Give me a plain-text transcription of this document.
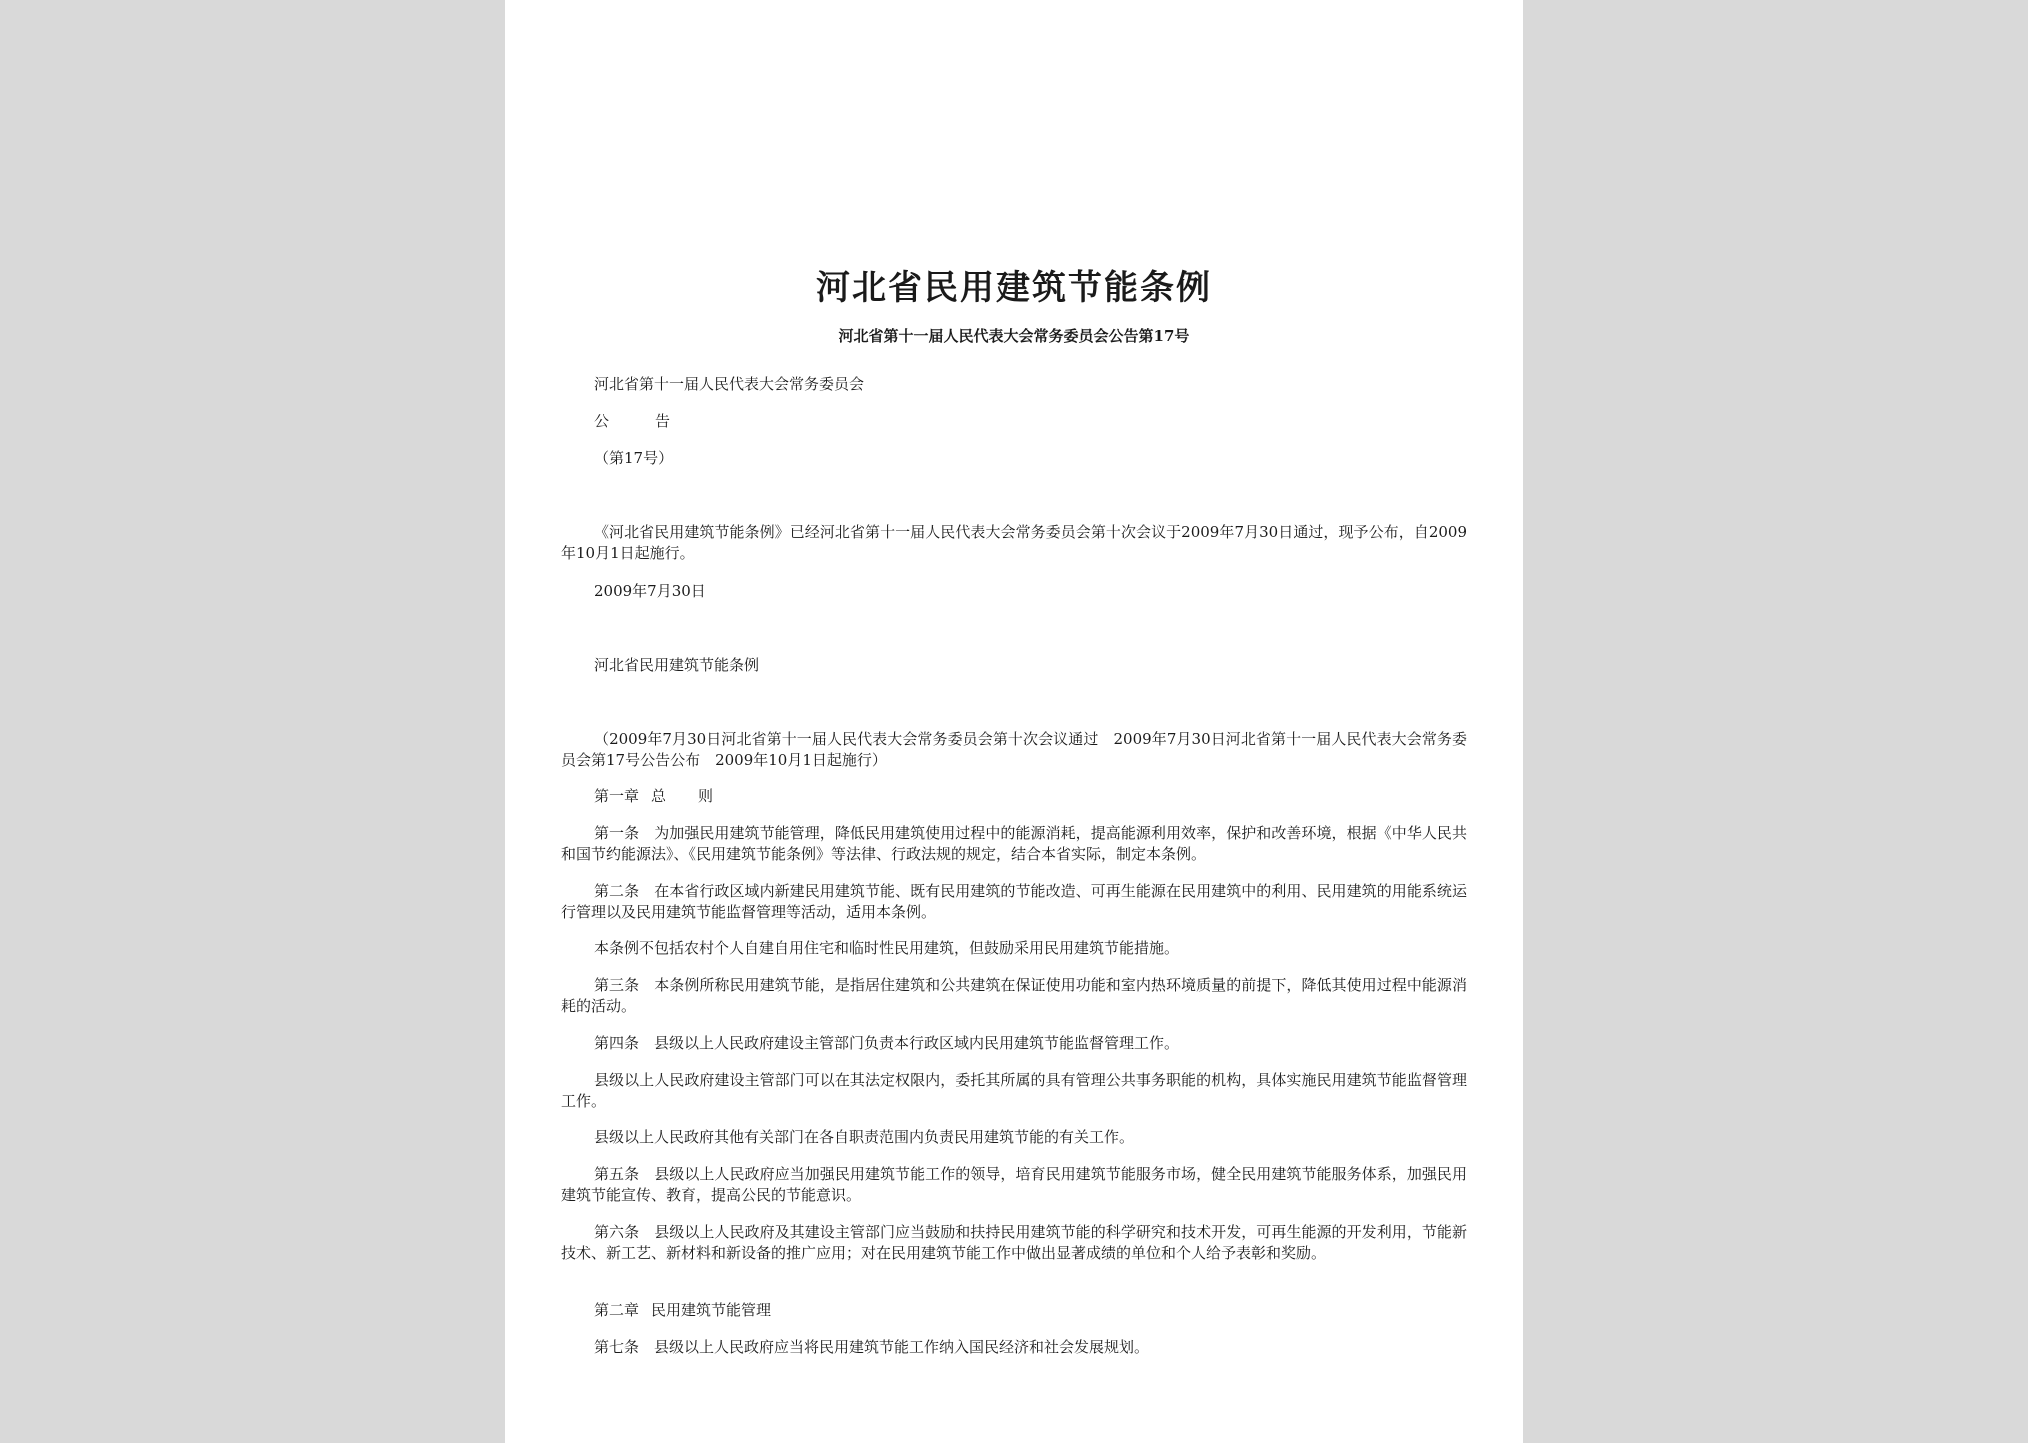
河北省民用建筑节能条例
河北省第十一届人民代表大会常务委员会公告第17号
河北省第十一届人民代表大会常务委员会
公	告
（第17号）
《河北省民用建筑节能条例》已经河北省第十一届人民代表大会常务委员会第十次会议于2009年7月30日通过，现予公布，自2009年10月1日起施行。
2009年7月30日
河北省民用建筑节能条例
（2009年7月30日河北省第十一届人民代表大会常务委员会第十次会议通过　2009年7月30日河北省第十一届人民代表大会常务委员会第17号公告公布　2009年10月1日起施行）
第一章 总 则
第一条　 为加强民用建筑节能管理，降低民用建筑使用过程中的能源消耗，提高能源利用效率，保护和改善环境，根据《中华人民共和国节约能源法》、《民用建筑节能条例》等法律、行政法规的规定，结合本省实际，制定本条例。
第二条　 在本省行政区域内新建民用建筑节能、既有民用建筑的节能改造、可再生能源在民用建筑中的利用、民用建筑的用能系统运行管理以及民用建筑节能监督管理等活动，适用本条例。
本条例不包括农村个人自建自用住宅和临时性民用建筑，但鼓励采用民用建筑节能措施。
第三条　 本条例所称民用建筑节能，是指居住建筑和公共建筑在保证使用功能和室内热环境质量的前提下，降低其使用过程中能源消耗的活动。
第四条　 县级以上人民政府建设主管部门负责本行政区域内民用建筑节能监督管理工作。
县级以上人民政府建设主管部门可以在其法定权限内，委托其所属的具有管理公共事务职能的机构，具体实施民用建筑节能监督管理工作。
县级以上人民政府其他有关部门在各自职责范围内负责民用建筑节能的有关工作。
第五条　 县级以上人民政府应当加强民用建筑节能工作的领导，培育民用建筑节能服务市场，健全民用建筑节能服务体系，加强民用建筑节能宣传、教育，提高公民的节能意识。
第六条　 县级以上人民政府及其建设主管部门应当鼓励和扶持民用建筑节能的科学研究和技术开发，可再生能源的开发利用，节能新技术、新工艺、新材料和新设备的推广应用；对在民用建筑节能工作中做出显著成绩的单位和个人给予表彰和奖励。
第二章 民用建筑节能管理
第七条　 县级以上人民政府应当将民用建筑节能工作纳入国民经济和社会发展规划。
